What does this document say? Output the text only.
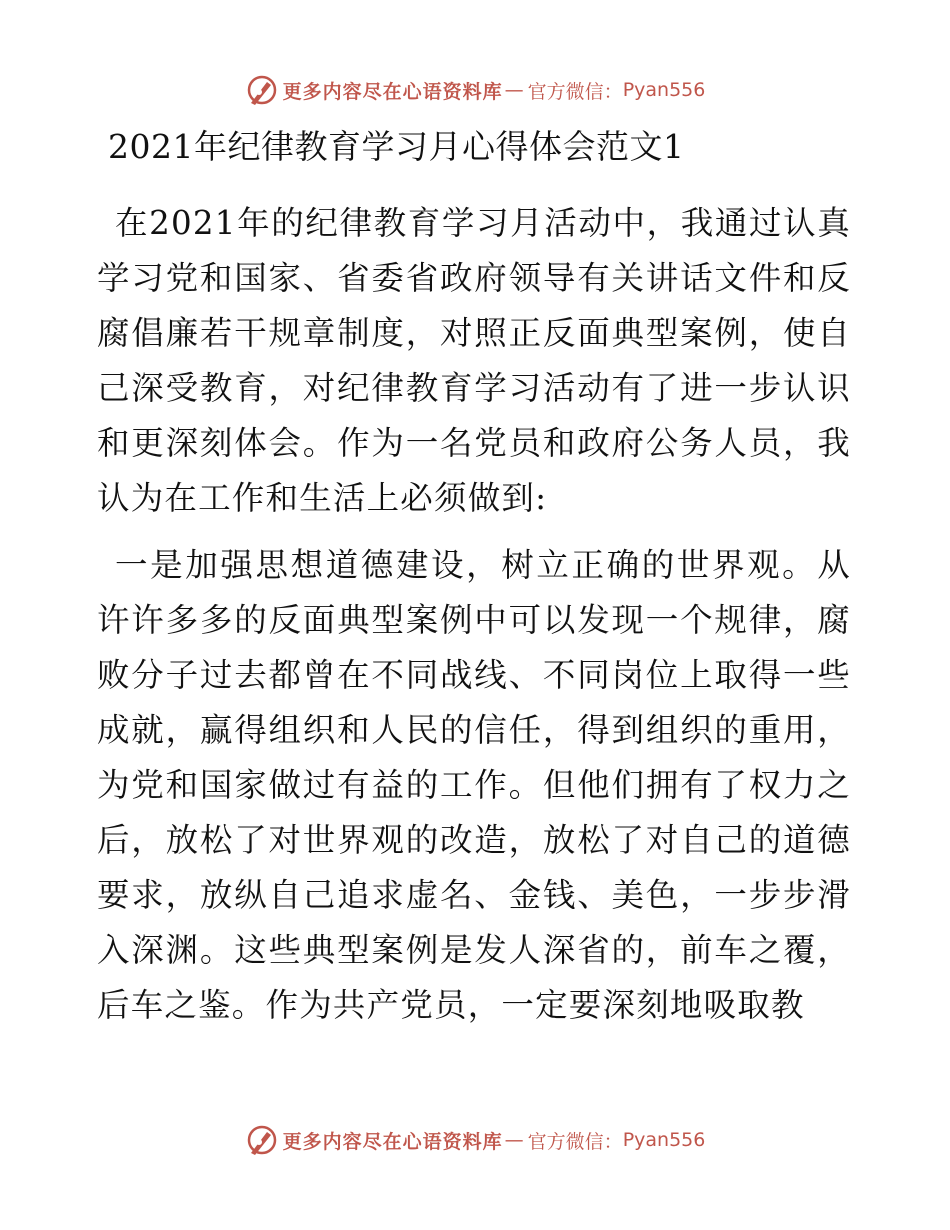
更多内容尽在心语资料库 — 官方微信： Pyan556
2021年纪律教育学习月心得体会范文1

在2021年的纪律教育学习月活动中，我通过认真学习党和国家、省委省政府领导有关讲话文件和反腐倡廉若干规章制度，对照正反面典型案例，使自己深受教育，对纪律教育学习活动有了进一步认识和更深刻体会。作为一名党员和政府公务人员，我认为在工作和生活上必须做到:

一是加强思想道德建设，树立正确的世界观。从许许多多的反面典型案例中可以发现一个规律，腐败分子过去都曾在不同战线、不同岗位上取得一些成就，赢得组织和人民的信任，得到组织的重用，为党和国家做过有益的工作。但他们拥有了权力之后，放松了对世界观的改造，放松了对自己的道德要求，放纵自己追求虚名、金钱、美色，一步步滑入深渊。这些典型案例是发人深省的，前车之覆，后车之鉴。作为共产党员，一定要深刻地吸取教

更多内容尽在心语资料库 — 官方微信： Pyan556
